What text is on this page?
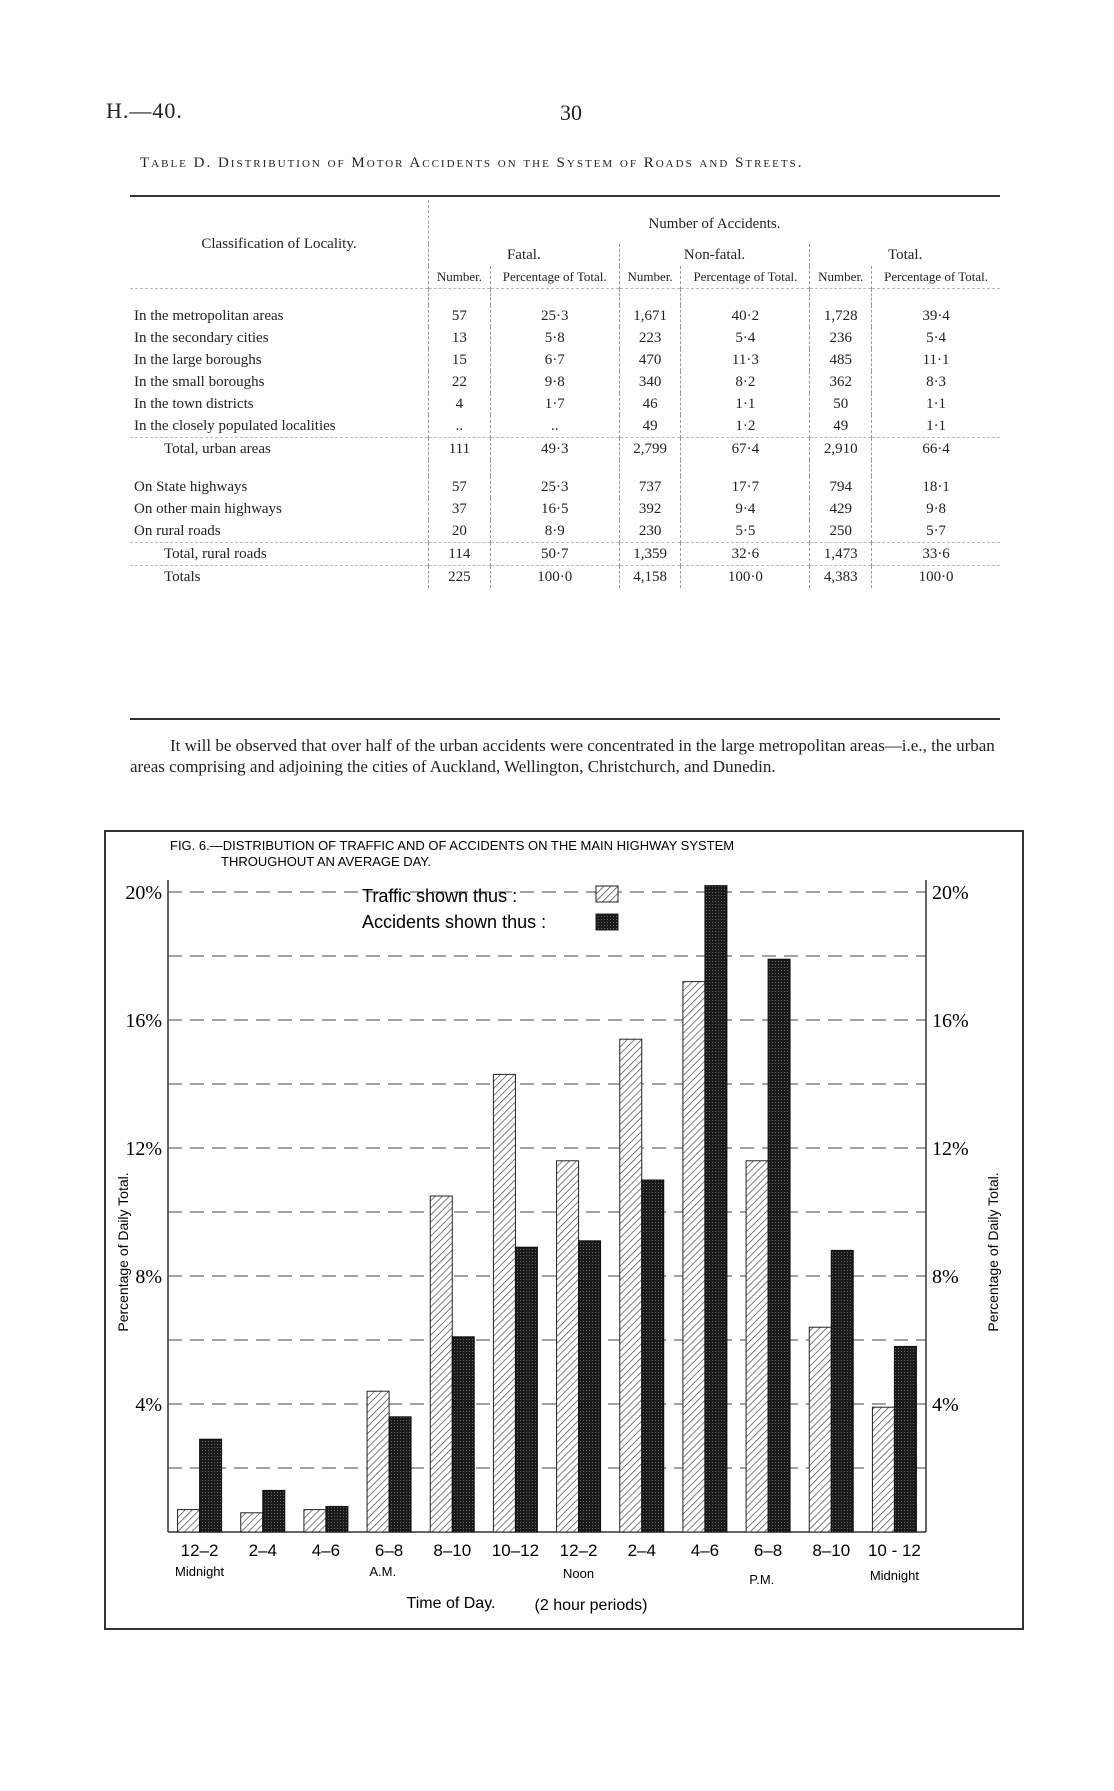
H.—40.	30
Table D. Distribution of Motor Accidents on the System of Roads and Streets.
Classification of Locality.	Number of Accidents.					
	Fatal.		Non-fatal.		Total.	
	Number.	Percentage of Total.	Number.	Percentage of Total.	Number.	Percentage of Total.

In the metropolitan areas	57	25·3	1,671	40·2	1,728	39·4
In the secondary cities	13	5·8	223	5·4	236	5·4
In the large boroughs	15	6·7	470	11·3	485	11·1
In the small boroughs	22	9·8	340	8·2	362	8·3
In the town districts	4	1·7	46	1·1	50	1·1
In the closely populated localities	..	..	49	1·2	49	1·1
Total, urban areas	111	49·3	2,799	67·4	2,910	66·4

On State highways	57	25·3	737	17·7	794	18·1
On other main highways	37	16·5	392	9·4	429	9·8
On rural roads	20	8·9	230	5·5	250	5·7
Total, rural roads	114	50·7	1,359	32·6	1,473	33·6
Totals	225	100·0	4,158	100·0	4,383	100·0
It will be observed that over half of the urban accidents were concentrated in the large metropolitan areas—i.e., the urban areas comprising and adjoining the cities of Auckland, Wellington, Christchurch, and Dunedin.
4%	4%
8%	8%
12%	12%
16%	16%
20%	20%
Percentage of Daily Total.	Percentage of Daily Total.
FIG. 6.—DISTRIBUTION OF TRAFFIC AND OF ACCIDENTS ON THE MAIN HIGHWAY SYSTEM
THROUGHOUT AN AVERAGE DAY.
Traffic shown thus :
Accidents shown thus :
12–2 2–4 4–6 6–8 8–10 10–12 12–2 2–4 4–6 6–8 8–10 10 - 12
Midnight	A.M.	Noon	P.M.	Midnight
Time of Day. (2 hour periods)
